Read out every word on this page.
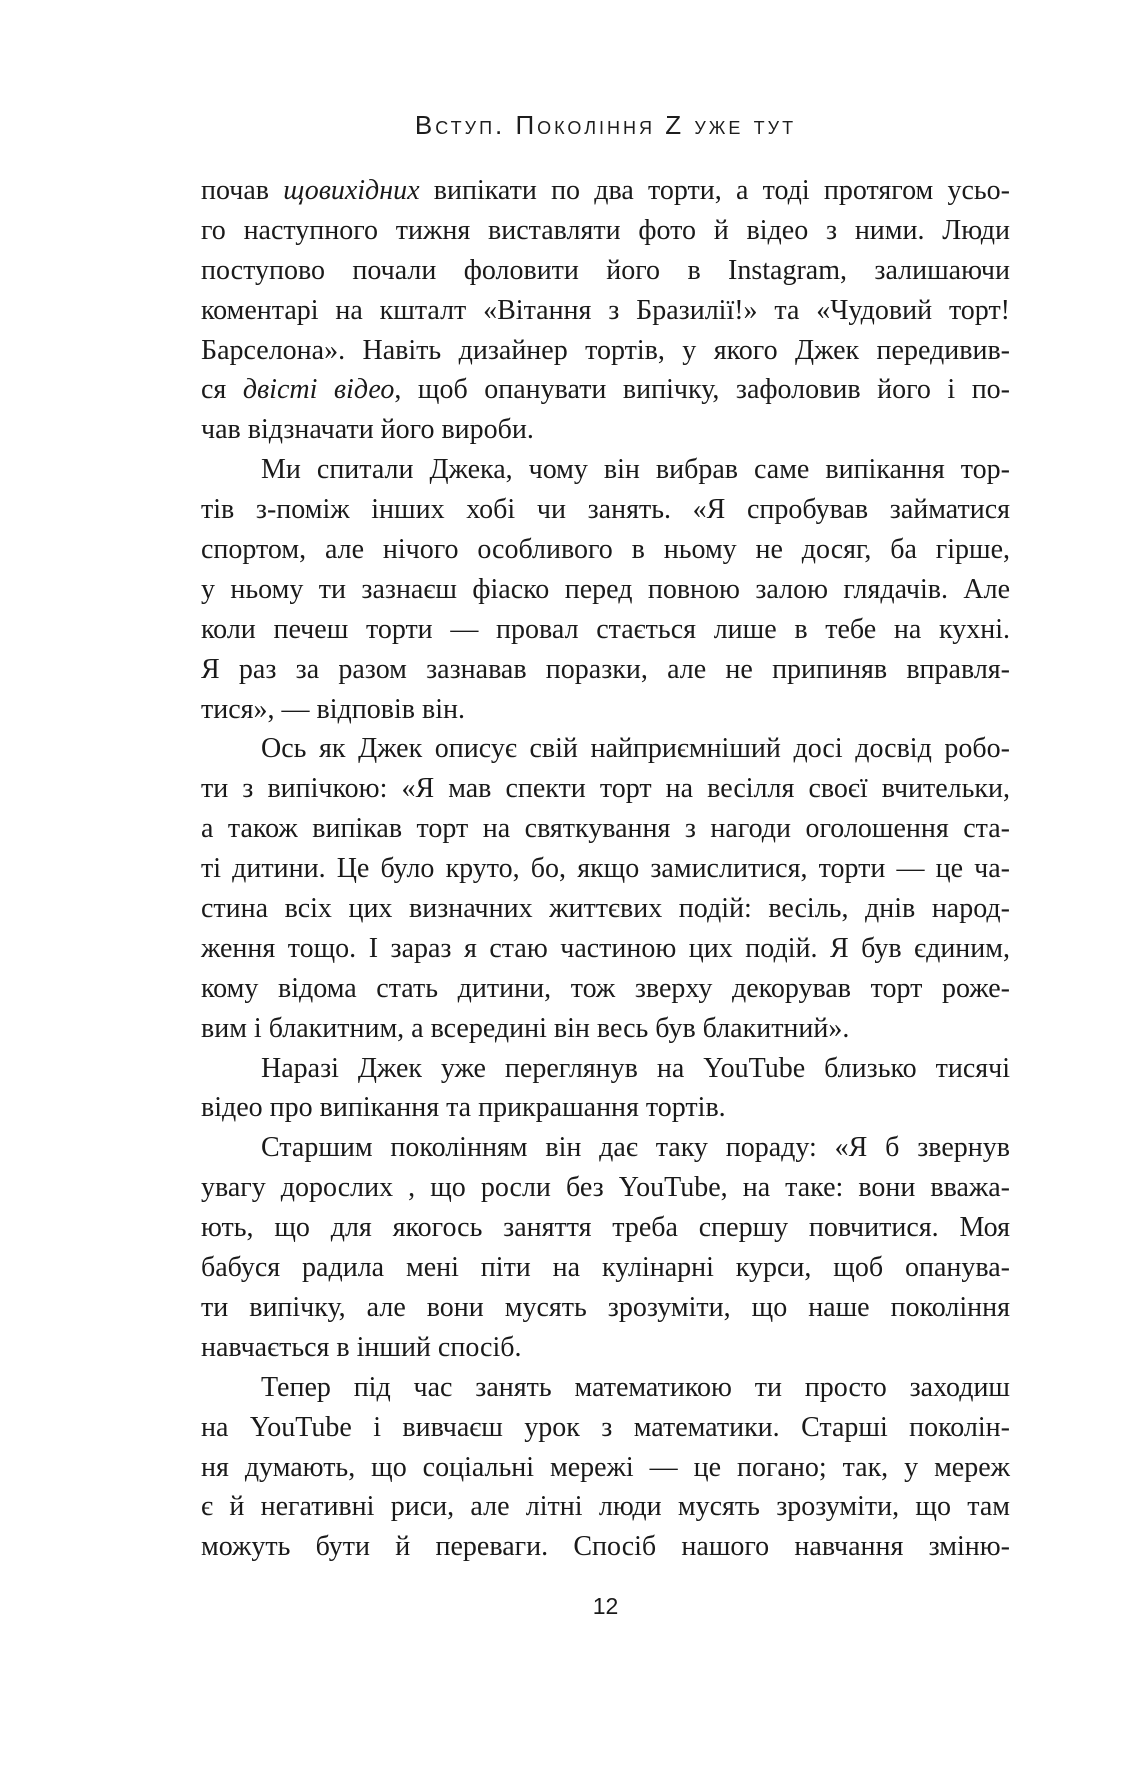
Вступ. Покоління Z уже тут
почав щовихідних випікати по два торти, а тоді протягом усьо-
го наступного тижня виставляти фото й відео з ними. Люди
поступово почали фоловити його в Instagram, залишаючи
коментарі на кшталт «Вітання з Бразилії!» та «Чудовий торт!
Барселона». Навіть дизайнер тортів, у якого Джек передивив-
ся двісті відео, щоб опанувати випічку, зафоловив його і по-
чав відзначати його вироби.
Ми спитали Джека, чому він вибрав саме випікання тор-
тів з-поміж інших хобі чи занять. «Я спробував займатися
спортом, але нічого особливого в ньому не досяг, ба гірше,
у ньому ти зазнаєш фіаско перед повною залою глядачів. Але
коли печеш торти — провал стається лише в тебе на кухні.
Я раз за разом зазнавав поразки, але не припиняв вправля-
тися», — відповів він.
Ось як Джек описує свій найприємніший досі досвід робо-
ти з випічкою: «Я мав спекти торт на весілля своєї вчительки,
а також випікав торт на святкування з нагоди оголошення ста-
ті дитини. Це було круто, бо, якщо замислитися, торти — це ча-
стина всіх цих визначних життєвих подій: весіль, днів народ-
ження тощо. І зараз я стаю частиною цих подій. Я був єдиним,
кому відома стать дитини, тож зверху декорував торт роже-
вим і блакитним, а всередині він весь був блакитний».
Наразі Джек уже переглянув на YouTube близько тисячі
відео про випікання та прикрашання тортів.
Старшим поколінням він дає таку пораду: «Я б звернув
увагу дорослих , що росли без YouTube, на таке: вони вважа-
ють, що для якогось заняття треба спершу повчитися. Моя
бабуся радила мені піти на кулінарні курси, щоб опанува-
ти випічку, але вони мусять зрозуміти, що наше покоління
навчається в інший спосіб.
Тепер під час занять математикою ти просто заходиш
на YouTube і вивчаєш урок з математики. Старші поколін-
ня думають, що соціальні мережі — це погано; так, у мереж
є й негативні риси, але літні люди мусять зрозуміти, що там
можуть бути й переваги. Спосіб нашого навчання зміню-
12
